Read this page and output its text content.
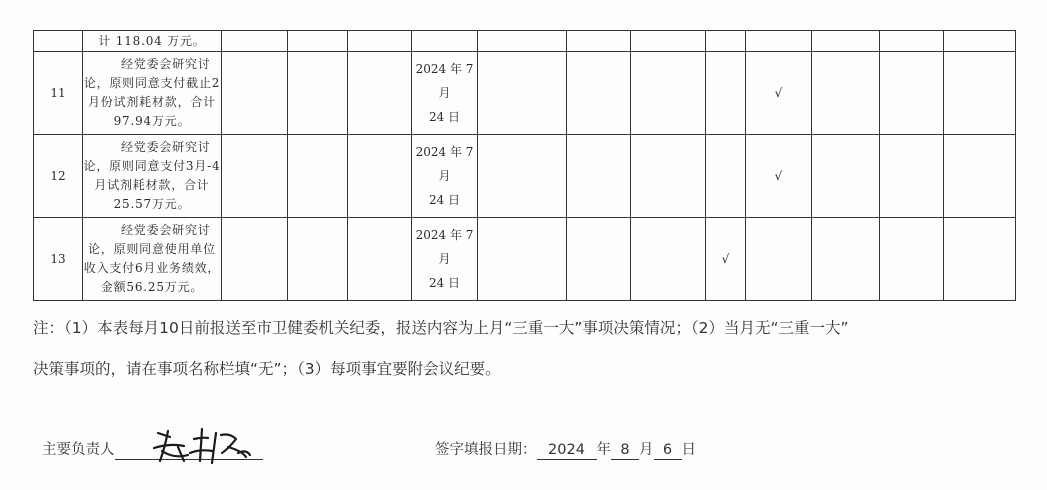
	计 118.04 万元。												
11	经党委会研究讨论，原则同意支付截止2月份试剂耗材款，合计97.94万元。				2024 年 7 月
24 日					√			
12	经党委会研究讨论，原则同意支付3月-4月试剂耗材款，合计25.57万元。				2024 年 7 月
24 日					√			
13	经党委会研究讨论，原则同意使用单位收入支付6月业务绩效，金额56.25万元。				2024 年 7 月
24 日				√				
注：（1）本表每月10日前报送至市卫健委机关纪委，报送内容为上月“三重一大”事项决策情况；（2）当月无“三重一大”
决策事项的，请在事项名称栏填“无”；（3）每项事宜要附会议纪要。
主要负责人	签字填报日期： 2024 年 8 月 6 日
